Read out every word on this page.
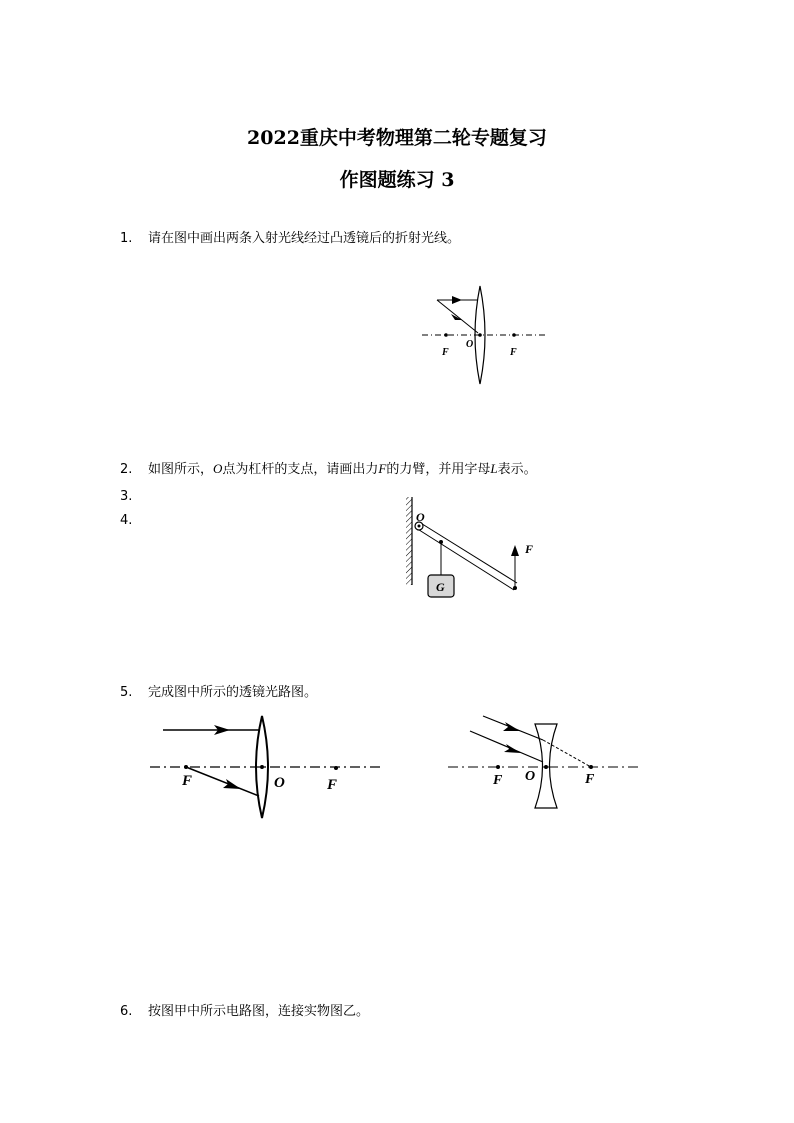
2022重庆中考物理第二轮专题复习
作图题练习 3
1. 请在图中画出两条入射光线经过凸透镜后的折射光线。
F
O
F
2. 如图所示，O点为杠杆的支点，请画出力F的力臂，并用字母L表示。
3.
4.
G
O
F
5. 完成图中所示的透镜光路图。
F	O	F	F O	F
6. 按图甲中所示电路图，连接实物图乙。
